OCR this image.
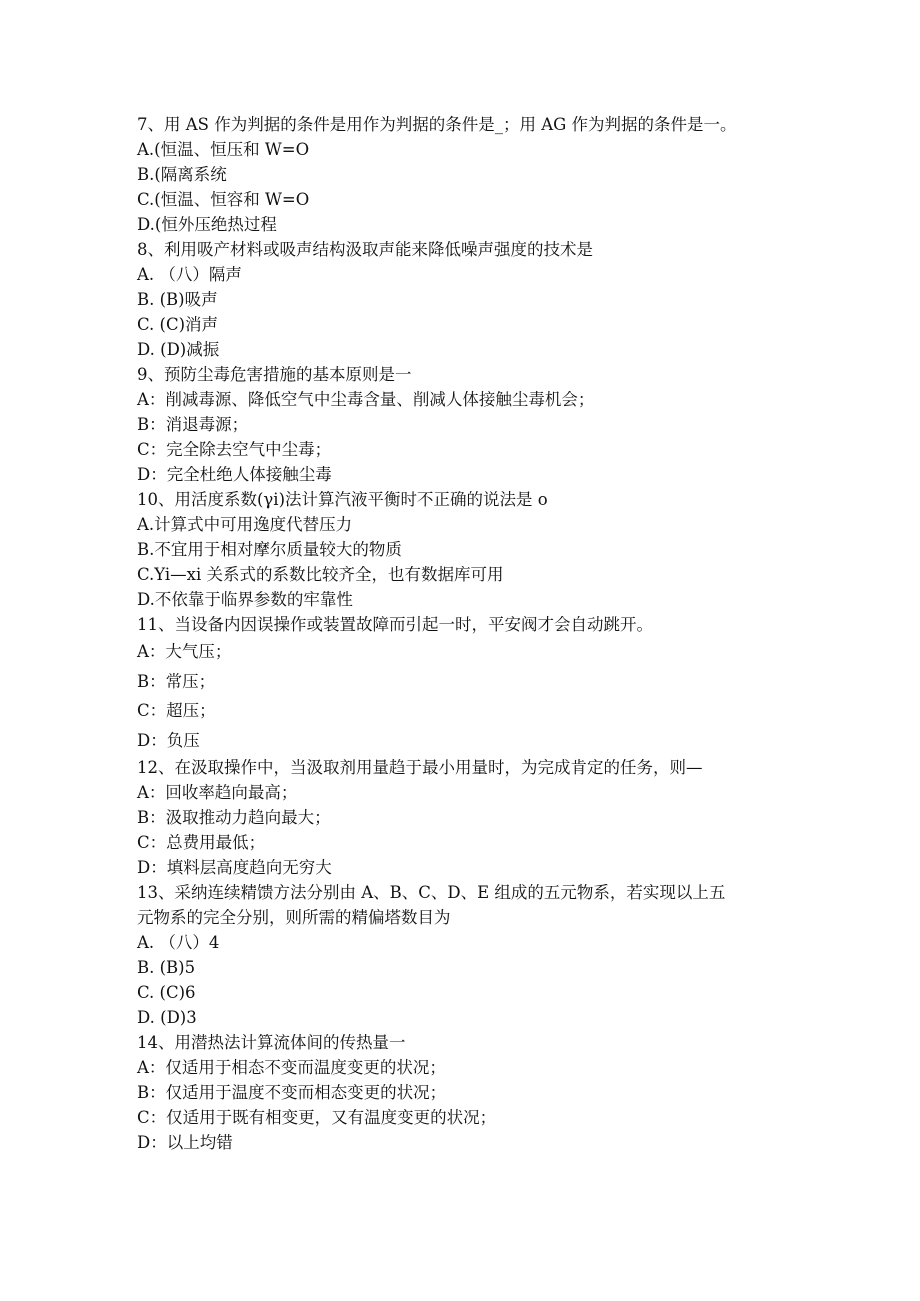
7、用 AS 作为判据的条件是用作为判据的条件是_；用 AG 作为判据的条件是一。
A.(恒温、恒压和 W=O
B.(隔离系统
C.(恒温、恒容和 W=O
D.(恒外压绝热过程
8、利用吸产材料或吸声结构汲取声能来降低噪声强度的技术是
A. （八）隔声
B. (B)吸声
C. (C)消声
D. (D)减振
9、预防尘毒危害措施的基本原则是一
A：削减毒源、降低空气中尘毒含量、削减人体接触尘毒机会；
B：消退毒源；
C：完全除去空气中尘毒；
D：完全杜绝人体接触尘毒
10、用活度系数(γi)法计算汽液平衡时不正确的说法是 o
A.计算式中可用逸度代替压力
B.不宜用于相对摩尔质量较大的物质
C.Yi—xi 关系式的系数比较齐全，也有数据库可用
D.不依靠于临界参数的牢靠性
11、当设备内因误操作或装置故障而引起一时，平安阀才会自动跳开。
A：大气压；
B：常压；
C：超压；
D：负压
12、在汲取操作中，当汲取剂用量趋于最小用量时，为完成肯定的任务，则—
A：回收率趋向最高；
B：汲取推动力趋向最大；
C：总费用最低；
D：填料层高度趋向无穷大
13、采纳连续精馈方法分别由 A、B、C、D、E 组成的五元物系，若实现以上五
元物系的完全分别，则所需的精偏塔数目为
A. （八）4
B. (B)5
C. (C)6
D. (D)3
14、用潜热法计算流体间的传热量一
A：仅适用于相态不变而温度变更的状况；
B：仅适用于温度不变而相态变更的状况；
C：仅适用于既有相变更，又有温度变更的状况；
D：以上均错
